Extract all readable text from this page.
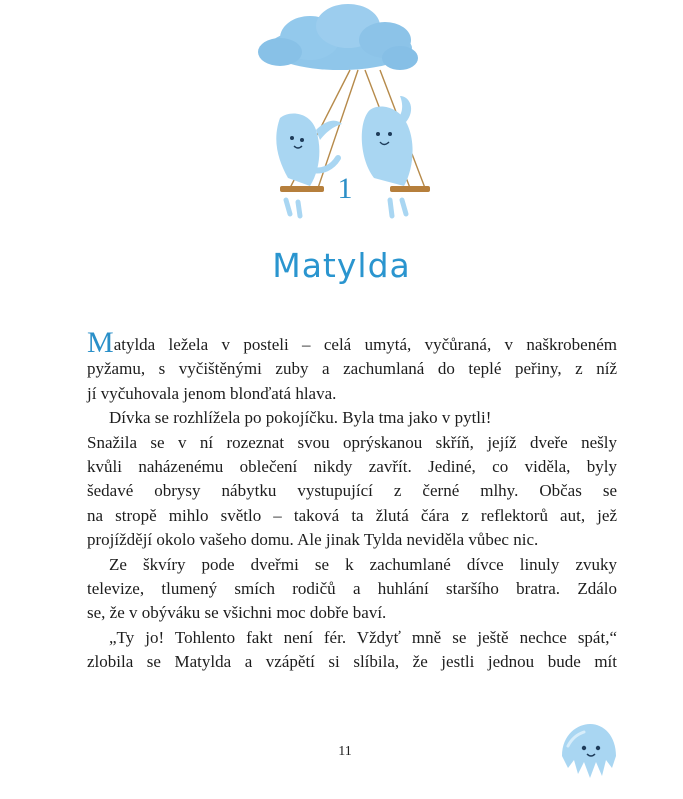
1
Matylda
Matylda ležela v posteli – celá umytá, vyčůraná, v naškrobeném
pyžamu, s vyčištěnými zuby a zachumlaná do teplé peřiny, z níž
jí vyčuhovala jenom blonďatá hlava.
Dívka se rozhlížela po pokojíčku. Byla tma jako v pytli!
Snažila se v ní rozeznat svou oprýskanou skříň, jejíž dveře nešly
kvůli naházenému oblečení nikdy zavřít. Jediné, co viděla, byly
šedavé obrysy nábytku vystupující z černé mlhy. Občas se
na stropě mihlo světlo – taková ta žlutá čára z reflektorů aut, jež
projíždějí okolo vašeho domu. Ale jinak Tylda neviděla vůbec nic.
Ze škvíry pode dveřmi se k zachumlané dívce linuly zvuky
televize, tlumený smích rodičů a huhlání staršího bratra. Zdálo
se, že v obýváku se všichni moc dobře baví.
„Ty jo! Tohlento fakt není fér. Vždyť mně se ještě nechce spát,“
zlobila se Matylda a vzápětí si slíbila, že jestli jednou bude mít
11
